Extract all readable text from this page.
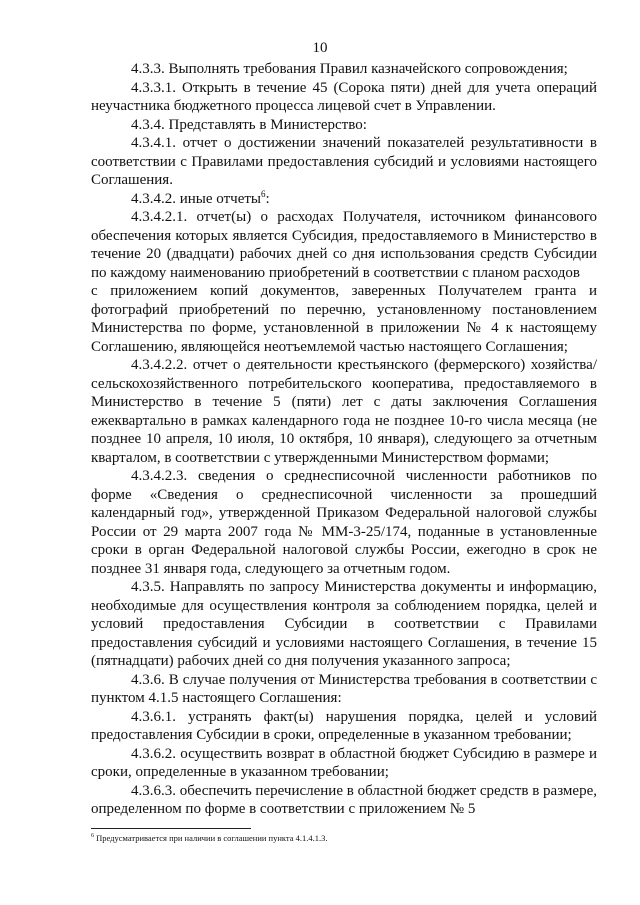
10

4.3.3. Выполнять требования Правил казначейского сопровождения;

4.3.3.1. Открыть в течение 45 (Сорока пяти) дней для учета операций неучастника бюджетного процесса лицевой счет в Управлении.

4.3.4. Представлять в Министерство:

4.3.4.1. отчет о достижении значений показателей результативности в соответствии с Правилами предоставления субсидий и условиями настоящего Соглашения.

4.3.4.2. иные отчеты$^6$:

4.3.4.2.1. отчет(ы) о расходах Получателя, источником финансового обеспечения которых является Субсидия, предоставляемого в Министерство в течение 20 (двадцати) рабочих дней со дня использования средств Субсидии по каждому наименованию приобретений в соответствии с планом расходов

с приложением копий документов, заверенных Получателем гранта и фотографий приобретений по перечню, установленному постановлением Министерства по форме, установленной в приложении № 4 к настоящему Соглашению, являющейся неотъемлемой частью настоящего Соглашения;

4.3.4.2.2. отчет о деятельности крестьянского (фермерского) хозяйства/сельскохозяйственного потребительского кооператива, предоставляемого в Министерство в течение 5 (пяти) лет с даты заключения Соглашения ежеквартально в рамках календарного года не позднее 10-го числа месяца (не позднее 10 апреля, 10 июля, 10 октября, 10 января), следующего за отчетным кварталом, в соответствии с утвержденными Министерством формами;

4.3.4.2.3. сведения о среднесписочной численности работников по форме «Сведения о среднесписочной численности за прошедший календарный год», утвержденной Приказом Федеральной налоговой службы России от 29 марта 2007 года № ММ-3-25/174, поданные в установленные сроки в орган Федеральной налоговой службы России, ежегодно в срок не позднее 31 января года, следующего за отчетным годом.

4.3.5. Направлять по запросу Министерства документы и информацию, необходимые для осуществления контроля за соблюдением порядка, целей и условий предоставления Субсидии в соответствии с Правилами предоставления субсидий и условиями настоящего Соглашения, в течение 15 (пятнадцати) рабочих дней со дня получения указанного запроса;

4.3.6. В случае получения от Министерства требования в соответствии с пунктом 4.1.5 настоящего Соглашения:

4.3.6.1. устранять факт(ы) нарушения порядка, целей и условий предоставления Субсидии в сроки, определенные в указанном требовании;

4.3.6.2. осуществить возврат в областной бюджет Субсидию в размере и сроки, определенные в указанном требовании;

4.3.6.3. обеспечить перечисление в областной бюджет средств в размере, определенном по форме в соответствии с приложением № 5

$^6$ Предусматривается при наличии в соглашении пункта 4.1.4.1.3.
